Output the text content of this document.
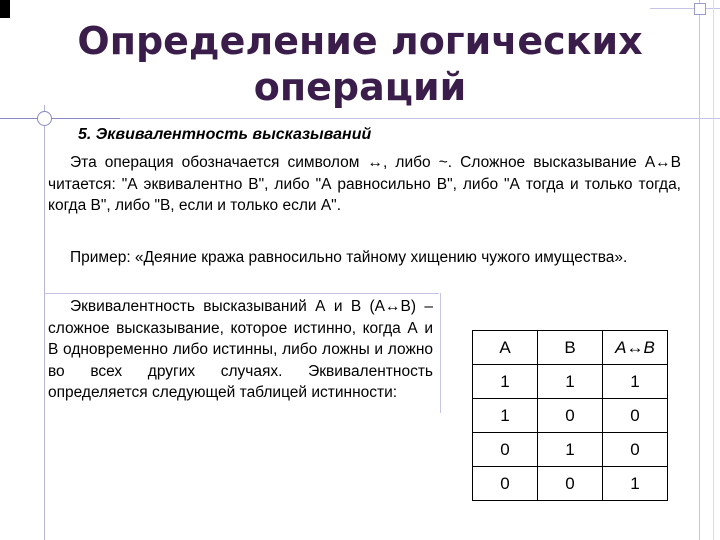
Определение логических операций
5. Эквивалентность высказываний
Эта операция обозначается символом ↔, либо ~. Сложное высказывание A↔B читается: "А эквивалентно В", либо "А равносильно В", либо "А тогда и только тогда, когда В", либо "В, если и только если А".
Пример: «Деяние кража равносильно тайному хищению чужого имущества».
Эквивалентность высказываний А и В (А↔В) – сложное высказывание, которое истинно, когда А и В одновременно либо истинны, либо ложны и ложно во всех других случаях. Эквивалентность определяется следующей таблицей истинности:
A	B	A↔B
1	1	1
1	0	0
0	1	0
0	0	1
